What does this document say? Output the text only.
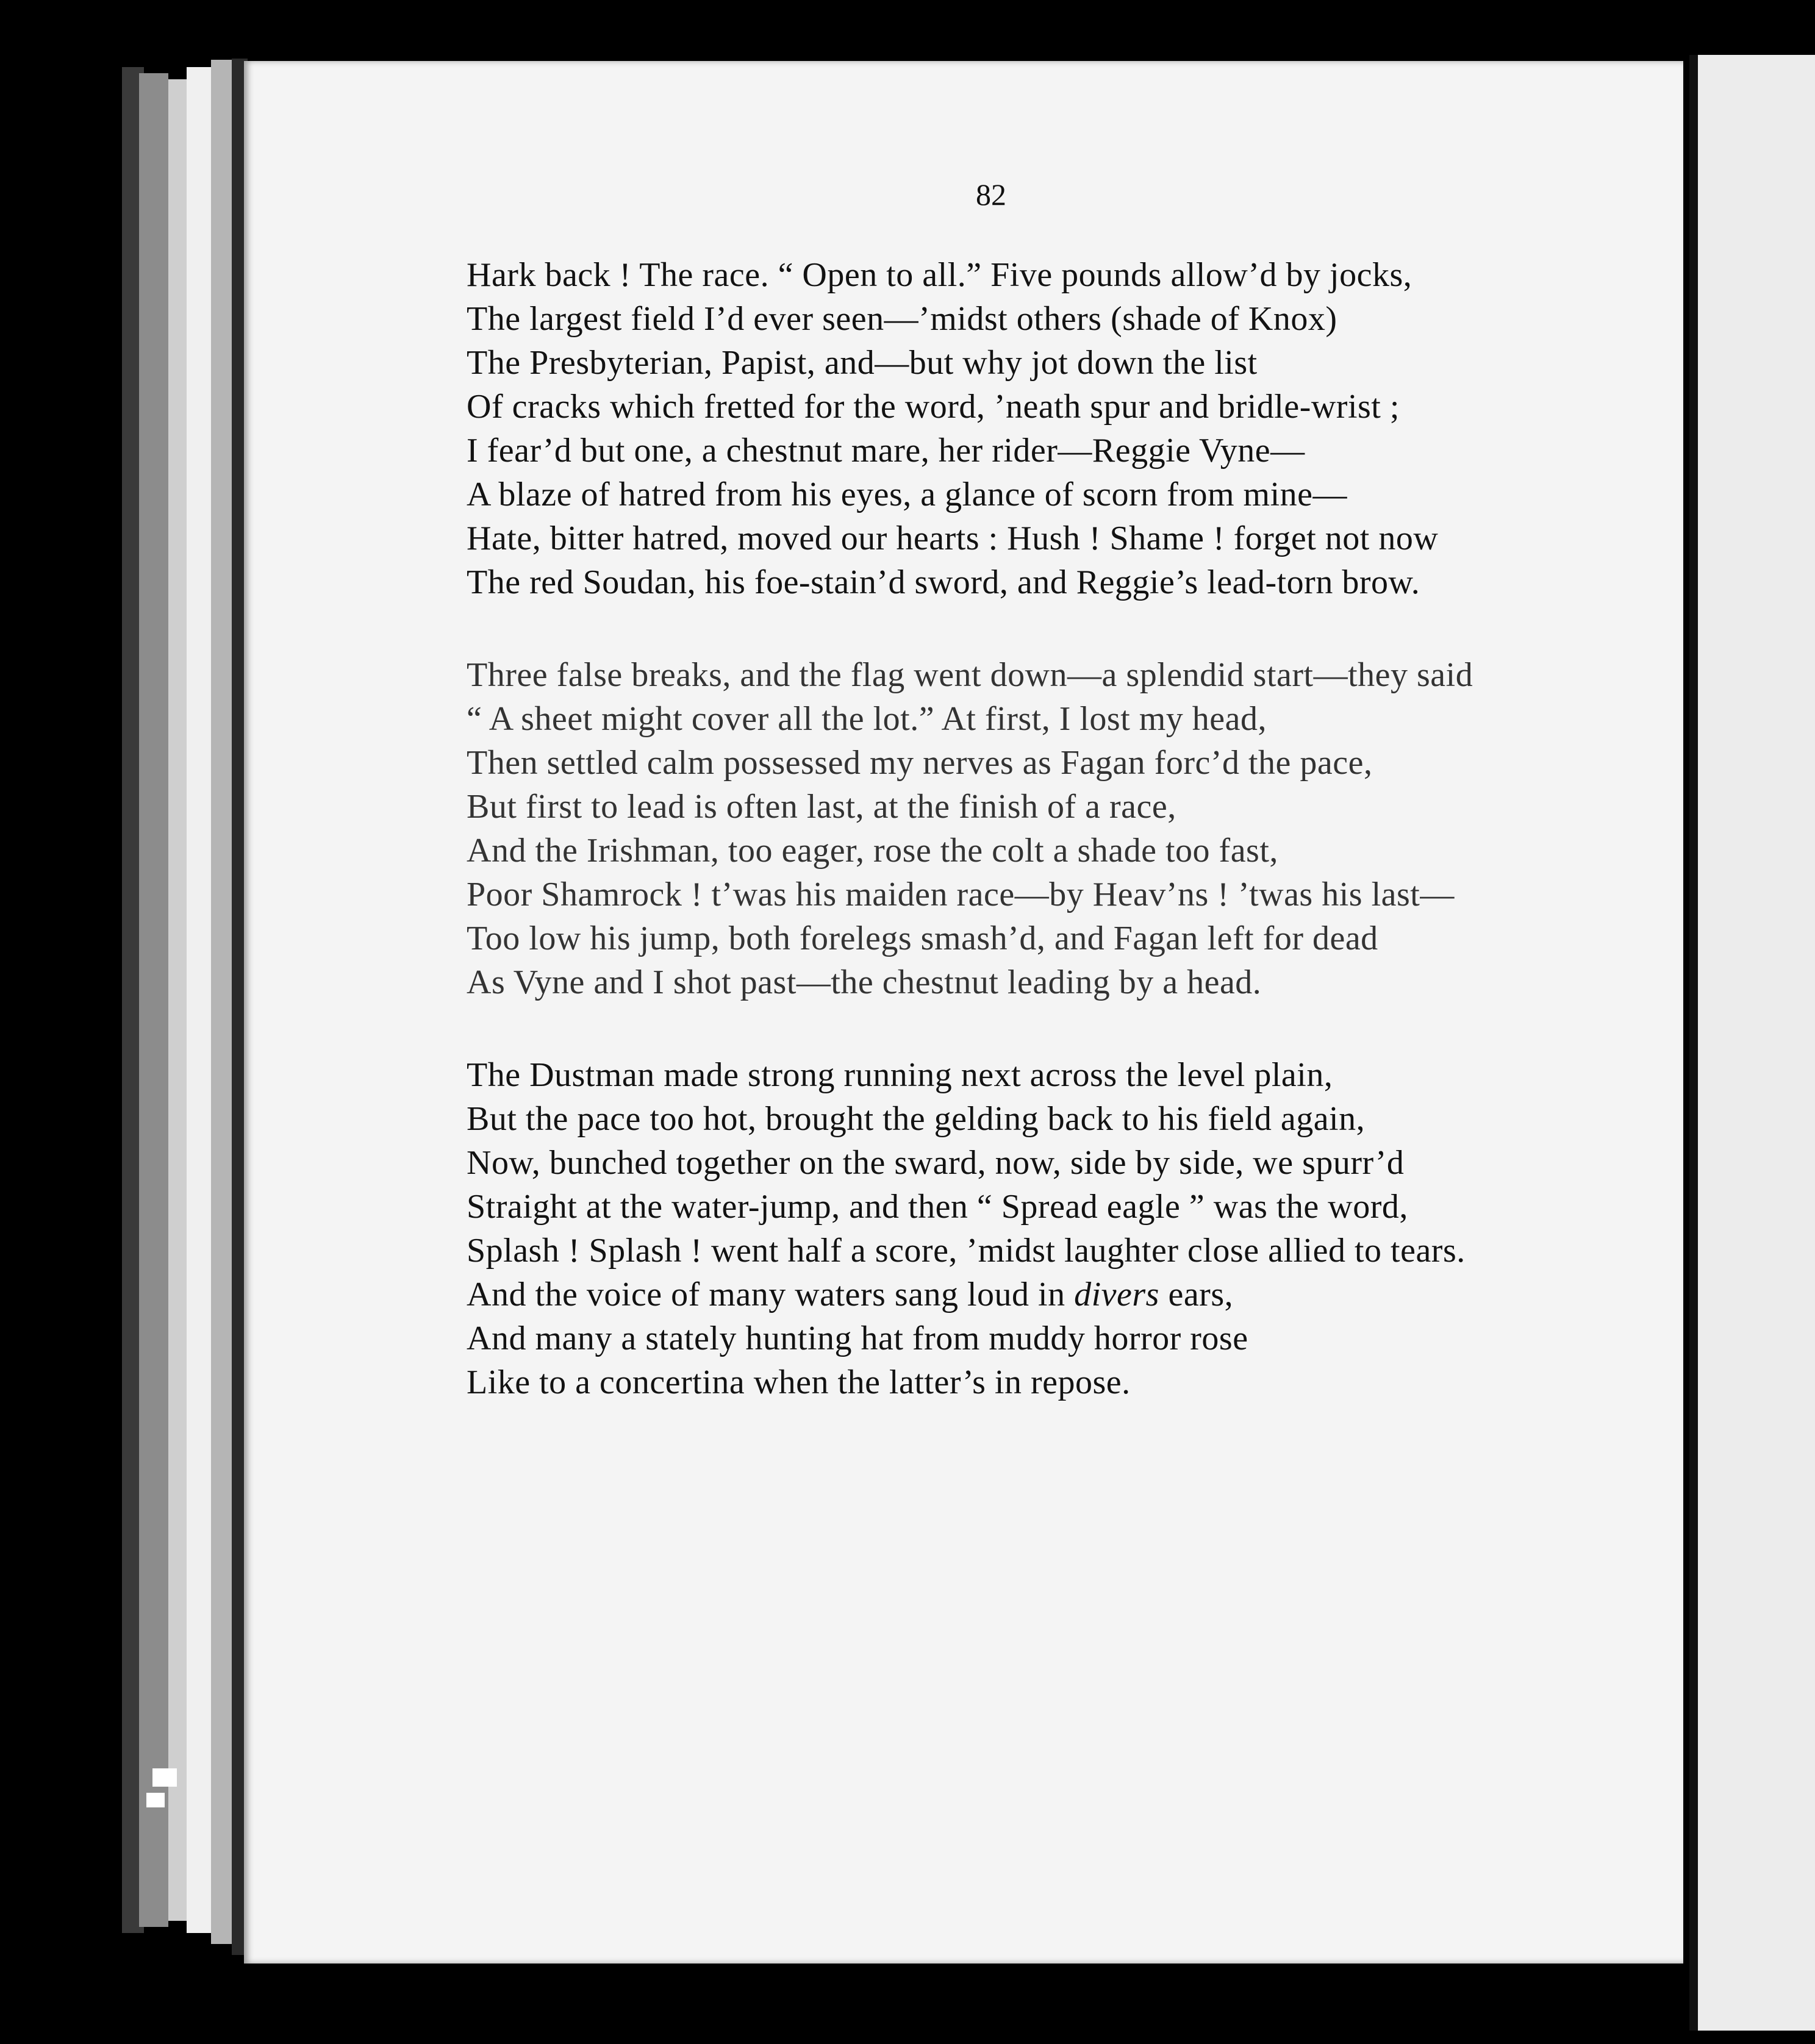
82
Hark back ! The race. “ Open to all.” Five pounds allow’d by jocks,
The largest field I’d ever seen—’midst others (shade of Knox)
The Presbyterian, Papist, and—but why jot down the list
Of cracks which fretted for the word, ’neath spur and bridle-wrist ;
I fear’d but one, a chestnut mare, her rider—Reggie Vyne—
A blaze of hatred from his eyes, a glance of scorn from mine—
Hate, bitter hatred, moved our hearts : Hush ! Shame ! forget not now
The red Soudan, his foe-stain’d sword, and Reggie’s lead-torn brow.
Three false breaks, and the flag went down—a splendid start—they said
“ A sheet might cover all the lot.” At first, I lost my head,
Then settled calm possessed my nerves as Fagan forc’d the pace,
But first to lead is often last, at the finish of a race,
And the Irishman, too eager, rose the colt a shade too fast,
Poor Shamrock ! t’was his maiden race—by Heav’ns ! ’twas his last—
Too low his jump, both forelegs smash’d, and Fagan left for dead
As Vyne and I shot past—the chestnut leading by a head.
The Dustman made strong running next across the level plain,
But the pace too hot, brought the gelding back to his field again,
Now, bunched together on the sward, now, side by side, we spurr’d
Straight at the water-jump, and then “ Spread eagle ” was the word,
Splash ! Splash ! went half a score, ’midst laughter close allied to tears.
And the voice of many waters sang loud in divers ears,
And many a stately hunting hat from muddy horror rose
Like to a concertina when the latter’s in repose.
